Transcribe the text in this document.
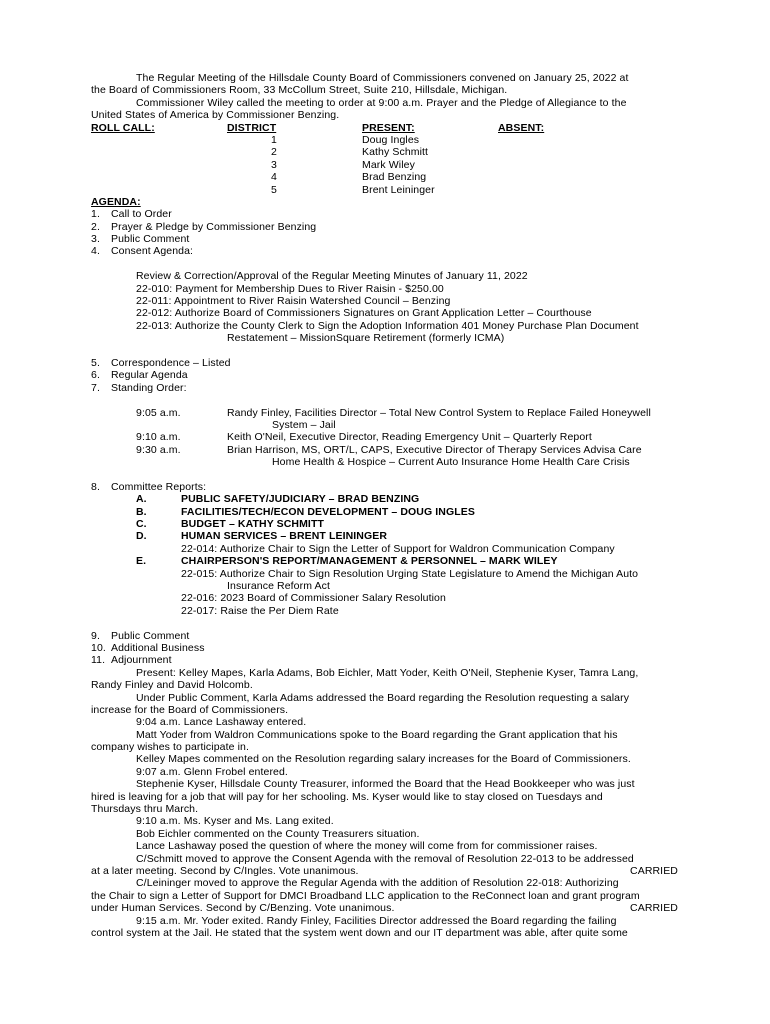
The Regular Meeting of the Hillsdale County Board of Commissioners convened on January 25, 2022 at
the Board of Commissioners Room, 33 McCollum Street, Suite 210, Hillsdale, Michigan.
Commissioner Wiley called the meeting to order at 9:00 a.m. Prayer and the Pledge of Allegiance to the
United States of America by Commissioner Benzing.
ROLL CALL:	DISTRICT	PRESENT:	ABSENT:
1	Doug Ingles
2	Kathy Schmitt
3	Mark Wiley
4	Brad Benzing
5	Brent Leininger
AGENDA:
1. Call to Order
2. Prayer & Pledge by Commissioner Benzing
3. Public Comment
4. Consent Agenda:
Review & Correction/Approval of the Regular Meeting Minutes of January 11, 2022
22-010: Payment for Membership Dues to River Raisin - $250.00
22-011: Appointment to River Raisin Watershed Council – Benzing
22-012: Authorize Board of Commissioners Signatures on Grant Application Letter – Courthouse
22-013: Authorize the County Clerk to Sign the Adoption Information 401 Money Purchase Plan Document
Restatement – MissionSquare Retirement (formerly ICMA)
5. Correspondence – Listed
6. Regular Agenda
7. Standing Order:
9:05 a.m.	Randy Finley, Facilities Director – Total New Control System to Replace Failed Honeywell
System – Jail
9:10 a.m.	Keith O'Neil, Executive Director, Reading Emergency Unit – Quarterly Report
9:30 a.m.	Brian Harrison, MS, ORT/L, CAPS, Executive Director of Therapy Services Advisa Care
Home Health & Hospice – Current Auto Insurance Home Health Care Crisis
8. Committee Reports:
A.	PUBLIC SAFETY/JUDICIARY – BRAD BENZING
B.	FACILITIES/TECH/ECON DEVELOPMENT – DOUG INGLES
C.	BUDGET – KATHY SCHMITT
D.	HUMAN SERVICES – BRENT LEININGER
22-014: Authorize Chair to Sign the Letter of Support for Waldron Communication Company
E.	CHAIRPERSON'S REPORT/MANAGEMENT & PERSONNEL – MARK WILEY
22-015: Authorize Chair to Sign Resolution Urging State Legislature to Amend the Michigan Auto
Insurance Reform Act
22-016: 2023 Board of Commissioner Salary Resolution
22-017: Raise the Per Diem Rate
9. Public Comment
10. Additional Business
11. Adjournment
Present: Kelley Mapes, Karla Adams, Bob Eichler, Matt Yoder, Keith O'Neil, Stephenie Kyser, Tamra Lang,
Randy Finley and David Holcomb.
Under Public Comment, Karla Adams addressed the Board regarding the Resolution requesting a salary
increase for the Board of Commissioners.
9:04 a.m. Lance Lashaway entered.
Matt Yoder from Waldron Communications spoke to the Board regarding the Grant application that his
company wishes to participate in.
Kelley Mapes commented on the Resolution regarding salary increases for the Board of Commissioners.
9:07 a.m. Glenn Frobel entered.
Stephenie Kyser, Hillsdale County Treasurer, informed the Board that the Head Bookkeeper who was just
hired is leaving for a job that will pay for her schooling. Ms. Kyser would like to stay closed on Tuesdays and
Thursdays thru March.
9:10 a.m. Ms. Kyser and Ms. Lang exited.
Bob Eichler commented on the County Treasurers situation.
Lance Lashaway posed the question of where the money will come from for commissioner raises.
C/Schmitt moved to approve the Consent Agenda with the removal of Resolution 22-013 to be addressed
at a later meeting. Second by C/Ingles. Vote unanimous.	CARRIED
C/Leininger moved to approve the Regular Agenda with the addition of Resolution 22-018: Authorizing
the Chair to sign a Letter of Support for DMCI Broadband LLC application to the ReConnect loan and grant program
under Human Services. Second by C/Benzing. Vote unanimous.	CARRIED
9:15 a.m. Mr. Yoder exited. Randy Finley, Facilities Director addressed the Board regarding the failing
control system at the Jail. He stated that the system went down and our IT department was able, after quite some
